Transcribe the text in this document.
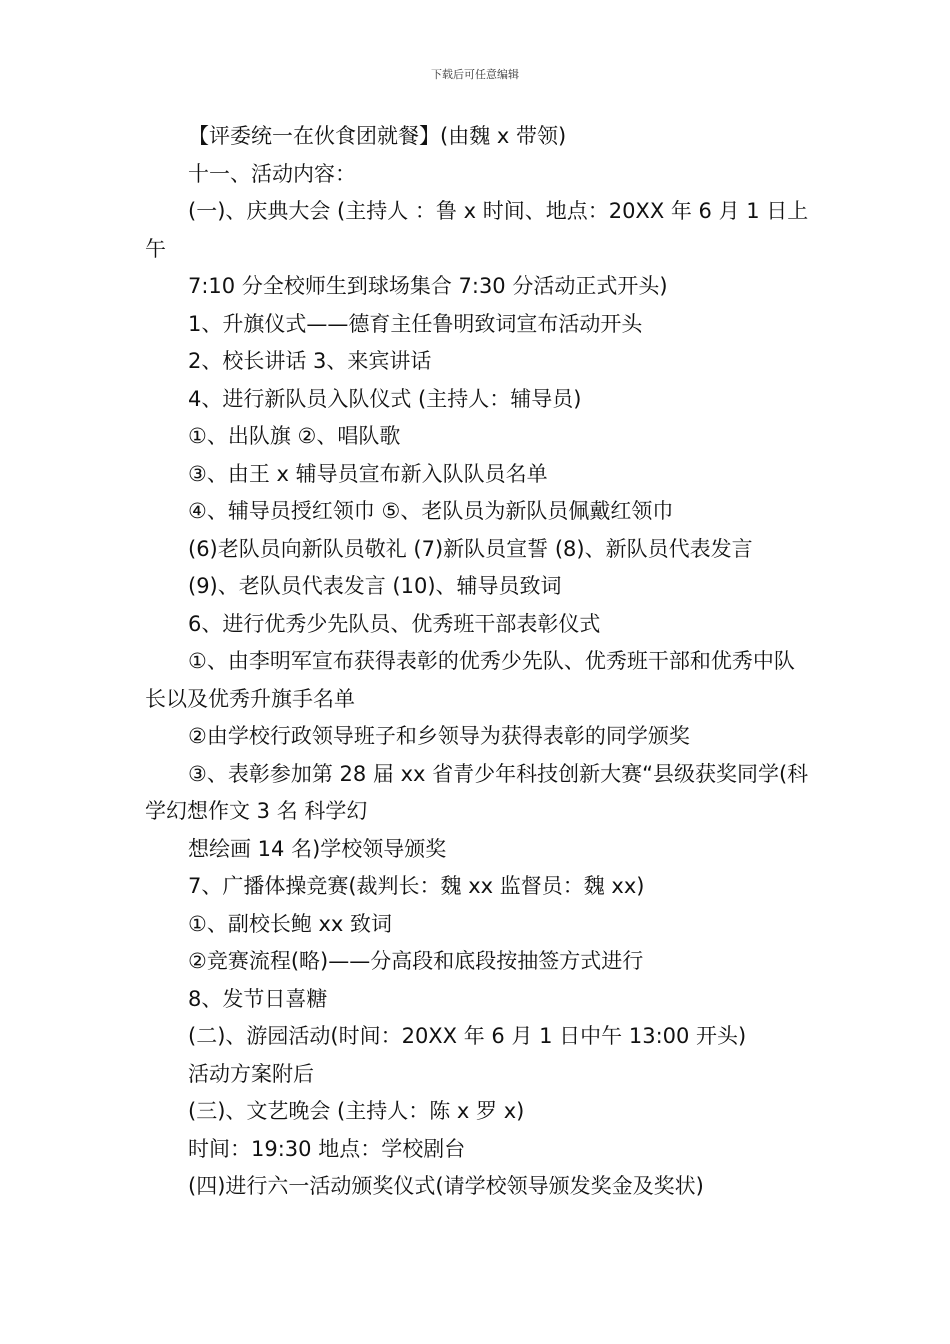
下载后可任意编辑

【评委统一在伙食团就餐】(由魏 x 带领)

十一、活动内容：

(一)、庆典大会 (主持人 ：鲁 x 时间、地点：20XX 年 6 月 1 日上午

7:10 分全校师生到球场集合 7:30 分活动正式开头)

1、升旗仪式——德育主任鲁明致词宣布活动开头

2、校长讲话 3、来宾讲话

4、进行新队员入队仪式 (主持人：辅导员)

①、出队旗 ②、唱队歌

③、由王 x 辅导员宣布新入队队员名单

④、辅导员授红领巾 ⑤、老队员为新队员佩戴红领巾

(6)老队员向新队员敬礼 (7)新队员宣誓 (8)、新队员代表发言

(9)、老队员代表发言 (10)、辅导员致词

6、进行优秀少先队员、优秀班干部表彰仪式

①、由李明军宣布获得表彰的优秀少先队、优秀班干部和优秀中队长以及优秀升旗手名单

②由学校行政领导班子和乡领导为获得表彰的同学颁奖

③、表彰参加第 28 届 xx 省青少年科技创新大赛“县级获奖同学(科学幻想作文 3 名 科学幻

想绘画 14 名)学校领导颁奖

7、广播体操竞赛(裁判长：魏 xx 监督员：魏 xx)

①、副校长鲍 xx 致词

②竞赛流程(略)——分高段和底段按抽签方式进行

8、发节日喜糖

(二)、游园活动(时间：20XX 年 6 月 1 日中午 13:00 开头)

活动方案附后

(三)、文艺晚会 (主持人：陈 x 罗 x)

时间：19:30 地点：学校剧台

(四)进行六一活动颁奖仪式(请学校领导颁发奖金及奖状)
